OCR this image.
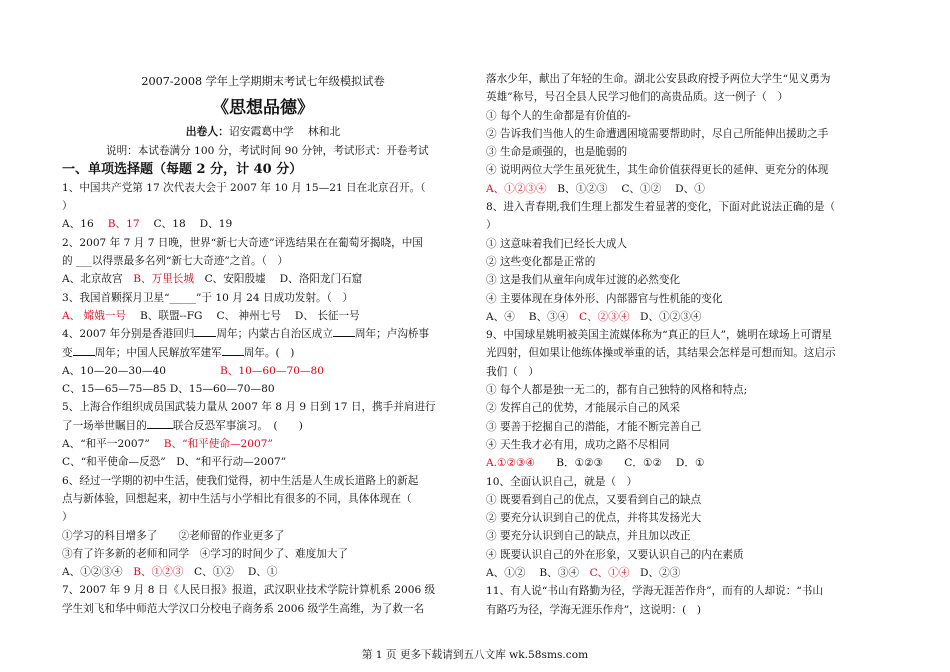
2007-2008 学年上学期期末考试七年级模拟试卷
《思想品德》
出卷人：诏安霞葛中学　 林和北
说明：本试卷满分 100 分，考试时间 90 分钟，考试形式：开卷考试
一、单项选择题（每题 2 分，计 40 分）
1、中国共产党第 17 次代表大会于 2007 年 10 月 15—21 日在北京召开。（
）
A、16　 B、17　 C、18　 D、19
2、2007 年 7 月 7 日晚，世界“新七大奇迹”评选结果在在葡萄牙揭晓，中国
的 ___以得票最多名列“新七大奇迹”之首。（　）
A、北京故宫　 B、万里长城　 C、安阳殷墟　 D、洛阳龙门石窟
3、我国首颗探月卫星“_____”于 10 月 24 日成功发射。（　）
A、 嫦娥一号　 B、联盟--FG　 C、 神州七号　 D、 长征一号
4、2007 年分别是香港回归 周年；内蒙古自治区成立 周年；卢沟桥事
变 周年；中国人民解放军建军 周年。(　)
A、10—20—30—40	B、10—60—70—80
C、15—65—75—85 D、15—60—70—80
5、上海合作组织成员国武装力量从 2007 年 8 月 9 日到 17 日，携手并肩进行
了一场举世瞩目的 联合反恐军事演习。　(　　)
A、“和平一2007”　 B、“和平使命—2007”
C、“和平使命—反恐”　 D、“和平行动—2007”
6、经过一学期的初中生活，使我们觉得，初中生活是人生成长道路上的新起
点与新体验，回想起来，初中生活与小学相比有很多的不同，具体体现在（
）
①学习的科目增多了　　②老师留的作业更多了
③有了许多新的老师和同学　④学习的时间少了、难度加大了
A、①②③④　 B、①②③　 C、①②　 D、①
7、2007 年 9 月 8 日《人民日报》报道，武汉职业技术学院计算机系 2006 级
学生刘飞和华中师范大学汉口分校电子商务系 2006 级学生高维，为了救一名
落水少年，献出了年轻的生命。湖北公安县政府授予两位大学生“见义勇为
英雄”称号，号召全县人民学习他们的高贵品质。这一例子（　）
① 每个人的生命都是有价值的-
② 告诉我们当他人的生命遭遇困境需要帮助时，尽自己所能伸出援助之手
③ 生命是顽强的，也是脆弱的
④ 说明两位大学生虽死犹生，其生命价值获得更长的延伸、更充分的体现
A、①②③④　 B、①②③　 C、①②　 D、①
8、进入青春期,我们生理上都发生着显著的变化，下面对此说法正确的是（
）
① 这意味着我们已经长大成人
② 这些变化都是正常的
③ 这是我们从童年向成年过渡的必然变化
④ 主要体现在身体外形、内部器官与性机能的变化
A、④　 B、③④　 C、②③④　 D、①②③④
9、中国球星姚明被美国主流媒体称为“真正的巨人”，姚明在球场上可谓星
光四射，但如果让他练体操或举重的话，其结果会怎样是可想而知。这启示
我们（　）
① 每个人都是独一无二的，都有自己独特的风格和特点;
② 发挥自己的优势，才能展示自己的风采
③ 要善于挖掘自己的潜能，才能不断完善自己
④ 天生我才必有用，成功之路不尽相同
A.①②③④　　 B．①②③　　C．①②　 D．①
10、全面认识自己，就是（　）
① 既要看到自己的优点，又要看到自己的缺点
② 要充分认识到自己的优点，并将其发扬光大
③ 要充分认识到自己的缺点，并且加以改正
④ 既要认识自己的外在形象，又要认识自己的内在素质
A、①②　 B、③④　 C、①④　 D、②③
11、有人说“书山有路勤为径，学海无涯苦作舟”，而有的人却说：“书山
有路巧为径，学海无涯乐作舟”，这说明：(　)
第 1 页 更多下载请到五八文库 wk.58sms.com
